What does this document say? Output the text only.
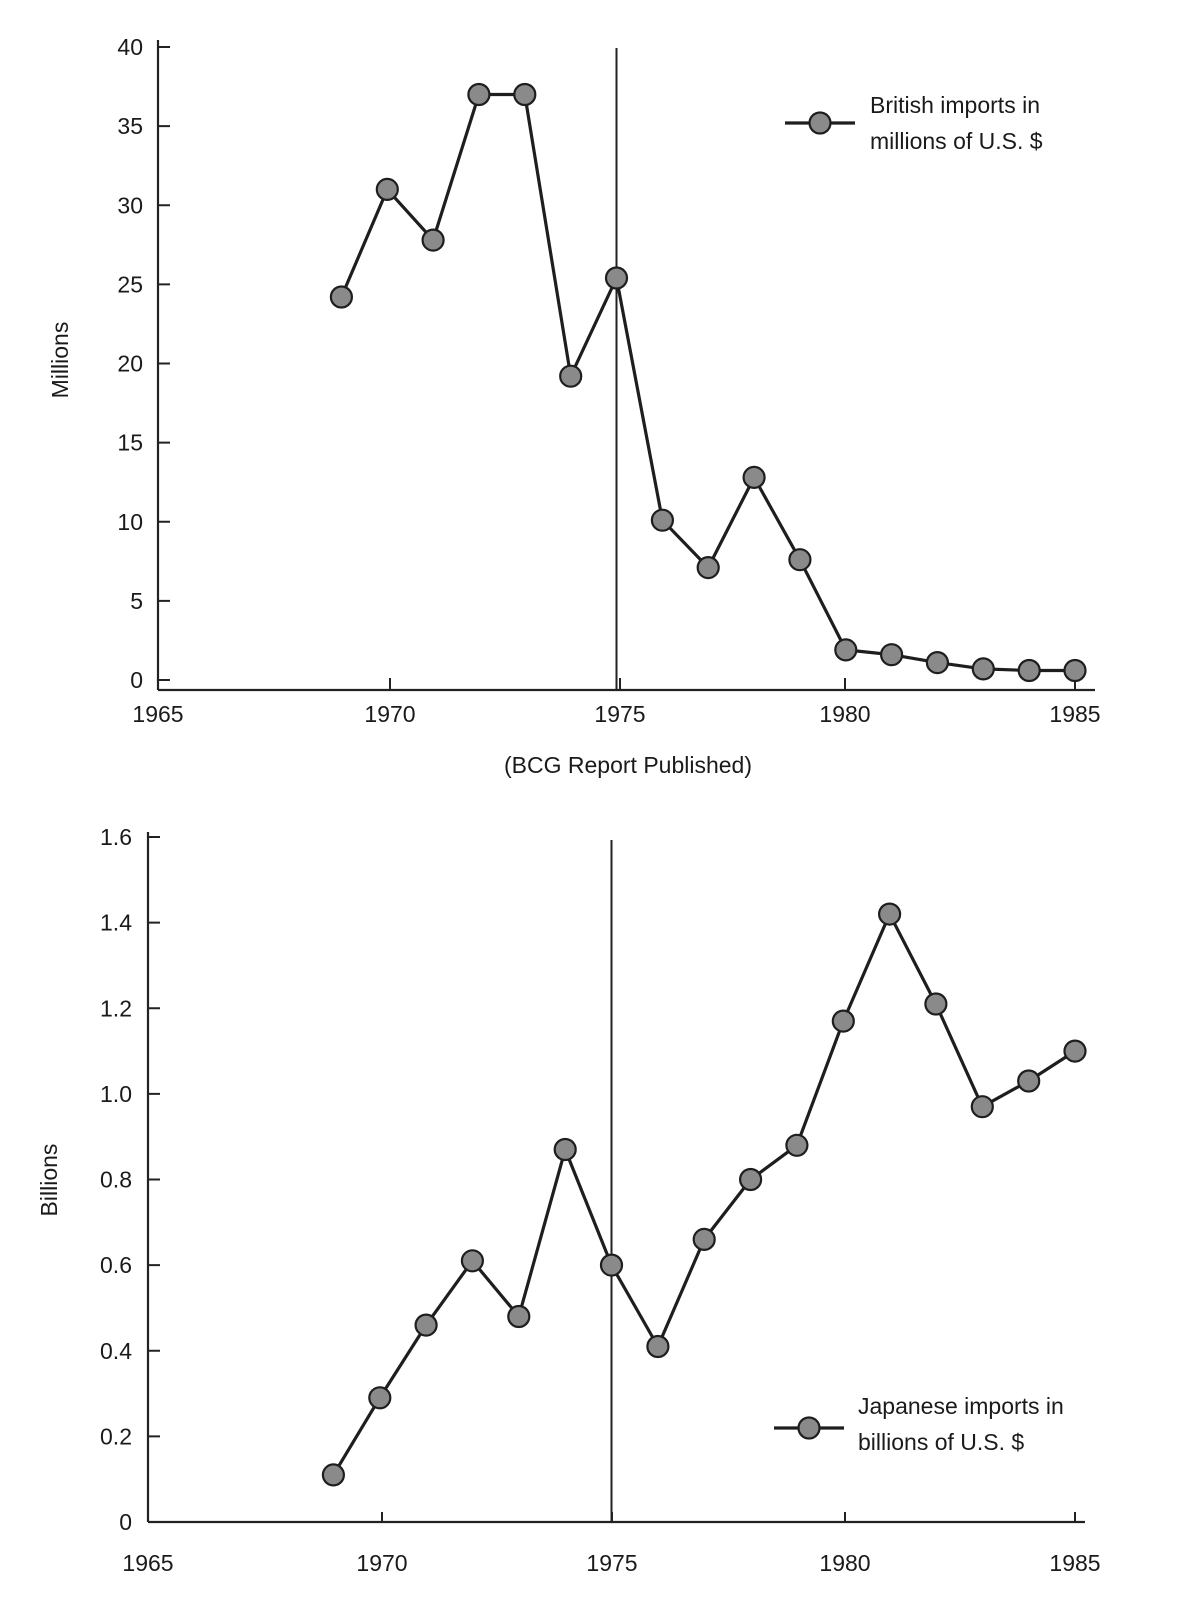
0
5
10
15
20
25
30
35
40
1965	1970	1975	1980	1985
Millions
(BCG Report Published)
British imports in
millions of U.S. $
0
0.2
0.4
0.6
0.8
1.0
1.2
1.4
1.6
1965	1970	1975	1980	1985
Billions
Japanese imports in
billions of U.S. $
